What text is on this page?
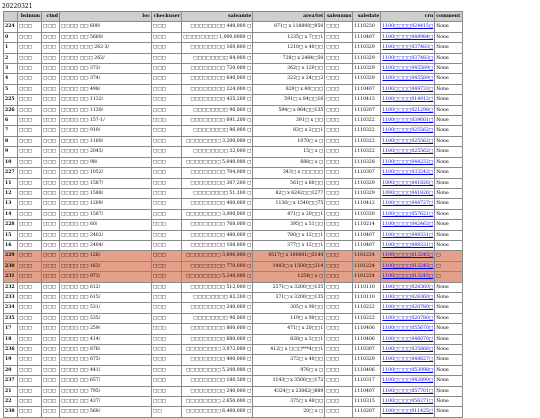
20220321
	bsinum	ctnd	loc	checkuser	saleamte	area/tet	salenums	saledate	cru	comment
224	□□□	□□□	□□□□ □□ 609/	□□□	□□□□□□□□ 448,000 □	871□ x 118800□950	□□□	1110230	1100□□□□024415□	None
0	□□□	□□□	□□□□ □□ 5660/	□□□	□□□□□□□□ 1,000,0000 □	1235□ x 7□□1	□□□	1110407	1100□□□□048984□	None
1	□□□	□□□	□□□□ □□□ 262-3/	□□□	□□□□□□□□ 160,800 □	1210□ x 40□□	□□□	1110329	1100□□□□037483□	None
2	□□□	□□□	□□□□ □□□ 262/	□□□	□□□□□□□□ 84,000 □	728□ x 2484□50	□□□	1110329	1100□□□□037483□	None
3	□□□	□□□	□□□□ □□ 373/	□□□	□□□□□□□□ 720,000 □	362□ x 120□□	□□□	1110329	1100□□□□045589□	None
4	□□□	□□□	□□□□ □□ 374/	□□□	□□□□□□□□ 640,000 □	322□ x 24□□2	□□□	1110329	1100□□□□045589□	None
5	□□□	□□□	□□□□ □□ 498/	□□□	□□□□□□□□ 224,000 □	829□ x 80□□□	□□□	1110407	1100□□□□049733□	None
225	□□□	□□□	□□□□ □□ 1132/	□□□	□□□□□□□□ 435,200 □	591□ x 84□□16	□□□	1110413	1100□□□□014912□	None
226	□□□	□□□	□□□□ □□ 1130/	□□□	□□□□□□□□ 96,000 □	594□ x 864□□135	□□□	1110207	1100□□□□021298□	None
6	□□□	□□□	□□□□ □□ 157-1/	□□□	□□□□□□□□ 691,200 □	391□ x □□	□□□	1110322	1100□□□□039601□	None
7	□□□	□□□	□□□□ □□ 919/	□□□	□□□□□□□□ 96,000 □	83□ x 2□□1	□□□	1110322	1100□□□□025562□	None
8	□□□	□□□	□□□□ □□ 1160/	□□□	□□□□□□□□ 3,200,000 □	1070□ x □	□□□	1110322	1100□□□□025562□	None
9	□□□	□□□	□□□□ □□ 2045/	□□□	□□□□□□□□ 32,000 □	15□ x □	□□□	1110322	1100□□□□025562□	None
10	□□□	□□□	□□□□ □□ 98/	□□□	□□□□□□□□ 5,040,000 □	688□ x □	□□□	1110328	1100□□□□044232□	None
227	□□□	□□□	□□□□ □□ 1052/	□□□	□□□□□□□□ 704,000 □	343□ x □□□□□	□□□	1110307	1100□□□□033242□	None
11	□□□	□□□	□□□□ □□ 1587/	□□□	□□□□□□□□ 307,200 □	561□ x 60□□	□□□	1110329	1090□□□□041826□	None
12	□□□	□□□	□□□□ □□ 1588/	□□□	□□□□□□□□ 51,200 □	82□ x 6242□□1277	□□□	1110329	1090□□□□041826□	None
13	□□□	□□□	□□□□ □□ 1209/	□□□	□□□□□□□□ 400,000 □	1136□ x 1540□□75	□□□	1110412	1100□□□□044727□	None
14	□□□	□□□	□□□□ □□ 1587/	□□□	□□□□□□□□ 3,000,000 □	471□ x 20□□1	□□□	1110330	1100□□□□057621□	None
228	□□□	□□□	□□□□ □□ 60/	□□□	□□□□□□□□ 768,000 □	395□ x 51□□	□□□	1110214	1100□□□□042463□	None
15	□□□	□□□	□□□□ □□ 2402/	□□□	□□□□□□□□ 480,000 □	780□ x 12□□1	□□□	1110407	1100□□□□049331□	None
16	□□□	□□□	□□□□ □□ 2404/	□□□	□□□□□□□□ 108,800 □	377□ x 12□□1	□□□	1110407	1100□□□□049331□	None
229	□□□	□□□	□□□□ □□ 126/	□□□	□□□□□□□□ 3,696,000 □	4517□ x 100001□3144	□□□	1101224	1100□□□□013245□	□
230	□□□	□□□	□□□□ □□ 163/	□□□	□□□□□□□□ 770,000 □	1403□ x 1500□□314	□□□	1101224	1100□□□□013245□	□
231	□□□	□□□	□□□□ □□ 973/	□□□	□□□□□□□□ 5,248,000 □	1254□ x □	□□□	1101224	1100□□□□013245□	□
232	□□□	□□□	□□□□ □□ 612/	□□□	□□□□□□□□ 512,000 □	2371□ x 3200□□135	□□□	1110110	1100□□□□028360□	None
233	□□□	□□□	□□□□ □□ 615/	□□□	□□□□□□□□ 83,200 □	371□ x 3200□□135	□□□	1110110	1100□□□□028360□	None
234	□□□	□□□	□□□□ □□ 531/	□□□	□□□□□□□□ 240,000 □	305□ x 90□□	□□□	1110222	1100□□□□020780□	None
235	□□□	□□□	□□□□ □□ 535/	□□□	□□□□□□□□ 96,000 □	119□ x 90□□	□□□	1110222	1100□□□□020780□	None
17	□□□	□□□	□□□□ □□ 259/	□□□	□□□□□□□□ 800,000 □	471□ x 20□□1	□□□	1110406	1100□□□□055670□	None
18	□□□	□□□	□□□□ □□ 414/	□□□	□□□□□□□□ 680,000 □	828□ x 3□□1	□□□	1110406	1100□□□□046070□	None
236	□□□	□□□	□□□□ □□ 876/	□□□	□□□□□□□□ 3,072,000 □	412□ x □□□***4□□1	□□□	1110307	1100□□□□035866□	None
19	□□□	□□□	□□□□ □□ 675/	□□□	□□□□□□□□ 400,000 □	373□ x 40□□	□□□	1110329	1100□□□□048827□	None
20	□□□	□□□	□□□□ □□ 441/	□□□	□□□□□□□□ 5,200,000 □	976□ x □	□□□	1110406	1100□□□□053998□	None
237	□□□	□□□	□□□□ □□ 657/	□□□	□□□□□□□□ 180,500 □	1143□ x 3500□□172	□□□	1110317	1100□□□□042890□	None
21	□□□	□□□	□□□□ □□ 795/	□□□	□□□□□□□□ 240,000 □	4324□ x 23062□889	□□□	1110407	1100□□□□057701□	None
22	□□□	□□□	□□□□ □□ 437/	□□□	□□□□□□□□ 2,650,000 □	375□ x 40□□	□□□	1110315	1100□□□□056271□	None
238	□□□	□□□	□□□□ □□ 568/	□□	□□□□□□□□ 6,400,000 □	20□ x □	□□□	1110207	1100□□□□011425□	None
